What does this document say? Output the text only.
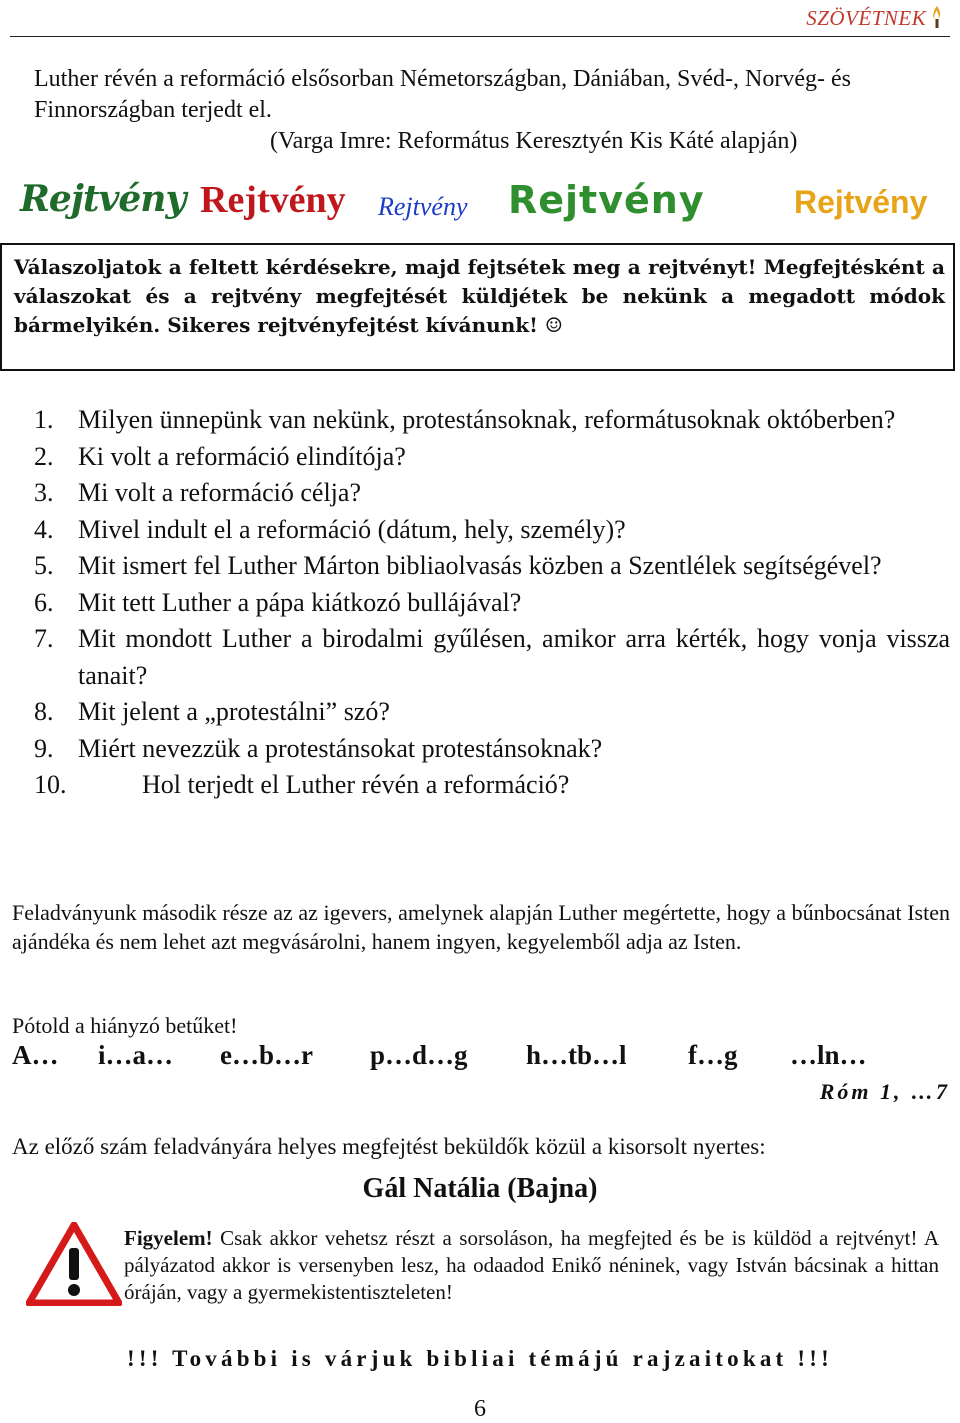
SZÖVÉTNEK

Luther révén a reformáció elsősorban Németországban, Dániában, Svéd-, Norvég- és Finnországban terjedt el.

(Varga Imre: Református Keresztyén Kis Káté alapján)

Rejtvény Rejtvény Rejtvény Rejtvény	Rejtvény

Válaszoljatok a feltett kérdésekre, majd fejtsétek meg a rejtvényt! Megfejtésként a válaszokat és a rejtvény megfejtését küldjétek be nekünk a megadott módok bármelyikén. Sikeres rejtvényfejtést kívánunk! ☺

1. Milyen ünnepünk van nekünk, protestánsoknak, reformátusoknak októberben?
2. Ki volt a reformáció elindítója?
3. Mi volt a reformáció célja?
4. Mivel indult el a reformáció (dátum, hely, személy)?
5. Mit ismert fel Luther Márton bibliaolvasás közben a Szentlélek segítségével?
6. Mit tett Luther a pápa kiátkozó bullájával?
7. Mit mondott Luther a birodalmi gyűlésen, amikor arra kérték, hogy vonja vissza tanait?
8. Mit jelent a „protestálni” szó?
9. Miért nevezzük a protestánsokat protestánsoknak?
10.	Hol terjedt el Luther révén a reformáció?
Feladványunk második része az az igevers, amelynek alapján Luther megértette, hogy a bűnbocsánat Isten ajándéka és nem lehet azt megvásárolni, hanem ingyen, kegyelemből adja az Isten.
Pótold a hiányzó betűket!
A… i…a… e…b…r p…d…g h…tb…l f…g …ln…
Róm 1, …7
Az előző szám feladványára helyes megfejtést beküldők közül a kisorsolt nyertes:
Gál Natália (Bajna)
Figyelem! Csak akkor vehetsz részt a sorsoláson, ha megfejted és be is küldöd a rejtvényt! A pályázatod akkor is versenyben lesz, ha odaadod Enikő néninek, vagy István bácsinak a hittan óráján, vagy a gyermekistentiszteleten!
!!! További is várjuk bibliai témájú rajzaitokat !!!
6
